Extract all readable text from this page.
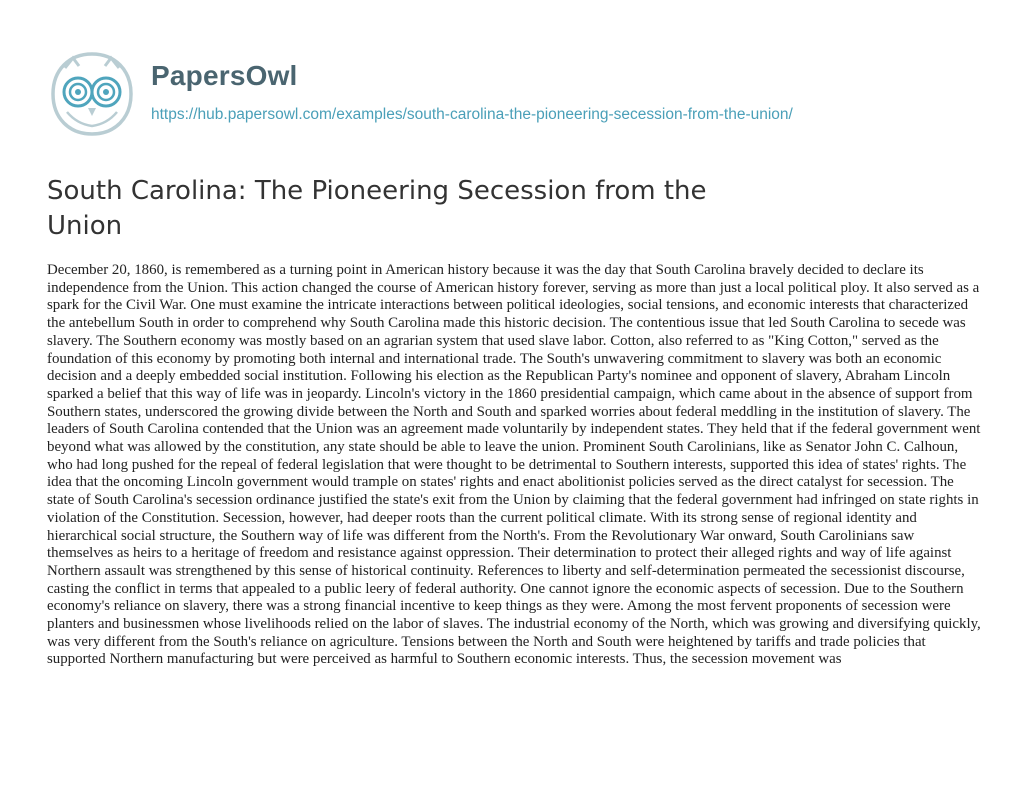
PapersOwl
https://hub.papersowl.com/examples/south-carolina-the-pioneering-secession-from-the-union/
South Carolina: The Pioneering Secession from the Union

December 20, 1860, is remembered as a turning point in American history because it was the day that South Carolina bravely decided to declare its independence from the Union. This action changed the course of American history forever, serving as more than just a local political ploy. It also served as a spark for the Civil War. One must examine the intricate interactions between political ideologies, social tensions, and economic interests that characterized the antebellum South in order to comprehend why South Carolina made this historic decision. The contentious issue that led South Carolina to secede was slavery. The Southern economy was mostly based on an agrarian system that used slave labor. Cotton, also referred to as "King Cotton," served as the foundation of this economy by promoting both internal and international trade. The South's unwavering commitment to slavery was both an economic decision and a deeply embedded social institution. Following his election as the Republican Party's nominee and opponent of slavery, Abraham Lincoln sparked a belief that this way of life was in jeopardy. Lincoln's victory in the 1860 presidential campaign, which came about in the absence of support from Southern states, underscored the growing divide between the North and South and sparked worries about federal meddling in the institution of slavery. The leaders of South Carolina contended that the Union was an agreement made voluntarily by independent states. They held that if the federal government went beyond what was allowed by the constitution, any state should be able to leave the union. Prominent South Carolinians, like as Senator John C. Calhoun, who had long pushed for the repeal of federal legislation that were thought to be detrimental to Southern interests, supported this idea of states' rights. The idea that the oncoming Lincoln government would trample on states' rights and enact abolitionist policies served as the direct catalyst for secession. The state of South Carolina's secession ordinance justified the state's exit from the Union by claiming that the federal government had infringed on state rights in violation of the Constitution. Secession, however, had deeper roots than the current political climate. With its strong sense of regional identity and hierarchical social structure, the Southern way of life was different from the North's. From the Revolutionary War onward, South Carolinians saw themselves as heirs to a heritage of freedom and resistance against oppression. Their determination to protect their alleged rights and way of life against Northern assault was strengthened by this sense of historical continuity. References to liberty and self-determination permeated the secessionist discourse, casting the conflict in terms that appealed to a public leery of federal authority. One cannot ignore the economic aspects of secession. Due to the Southern economy's reliance on slavery, there was a strong financial incentive to keep things as they were. Among the most fervent proponents of secession were planters and businessmen whose livelihoods relied on the labor of slaves. The industrial economy of the North, which was growing and diversifying quickly, was very different from the South's reliance on agriculture. Tensions between the North and South were heightened by tariffs and trade policies that supported Northern manufacturing but were perceived as harmful to Southern economic interests. Thus, the secession movement was
